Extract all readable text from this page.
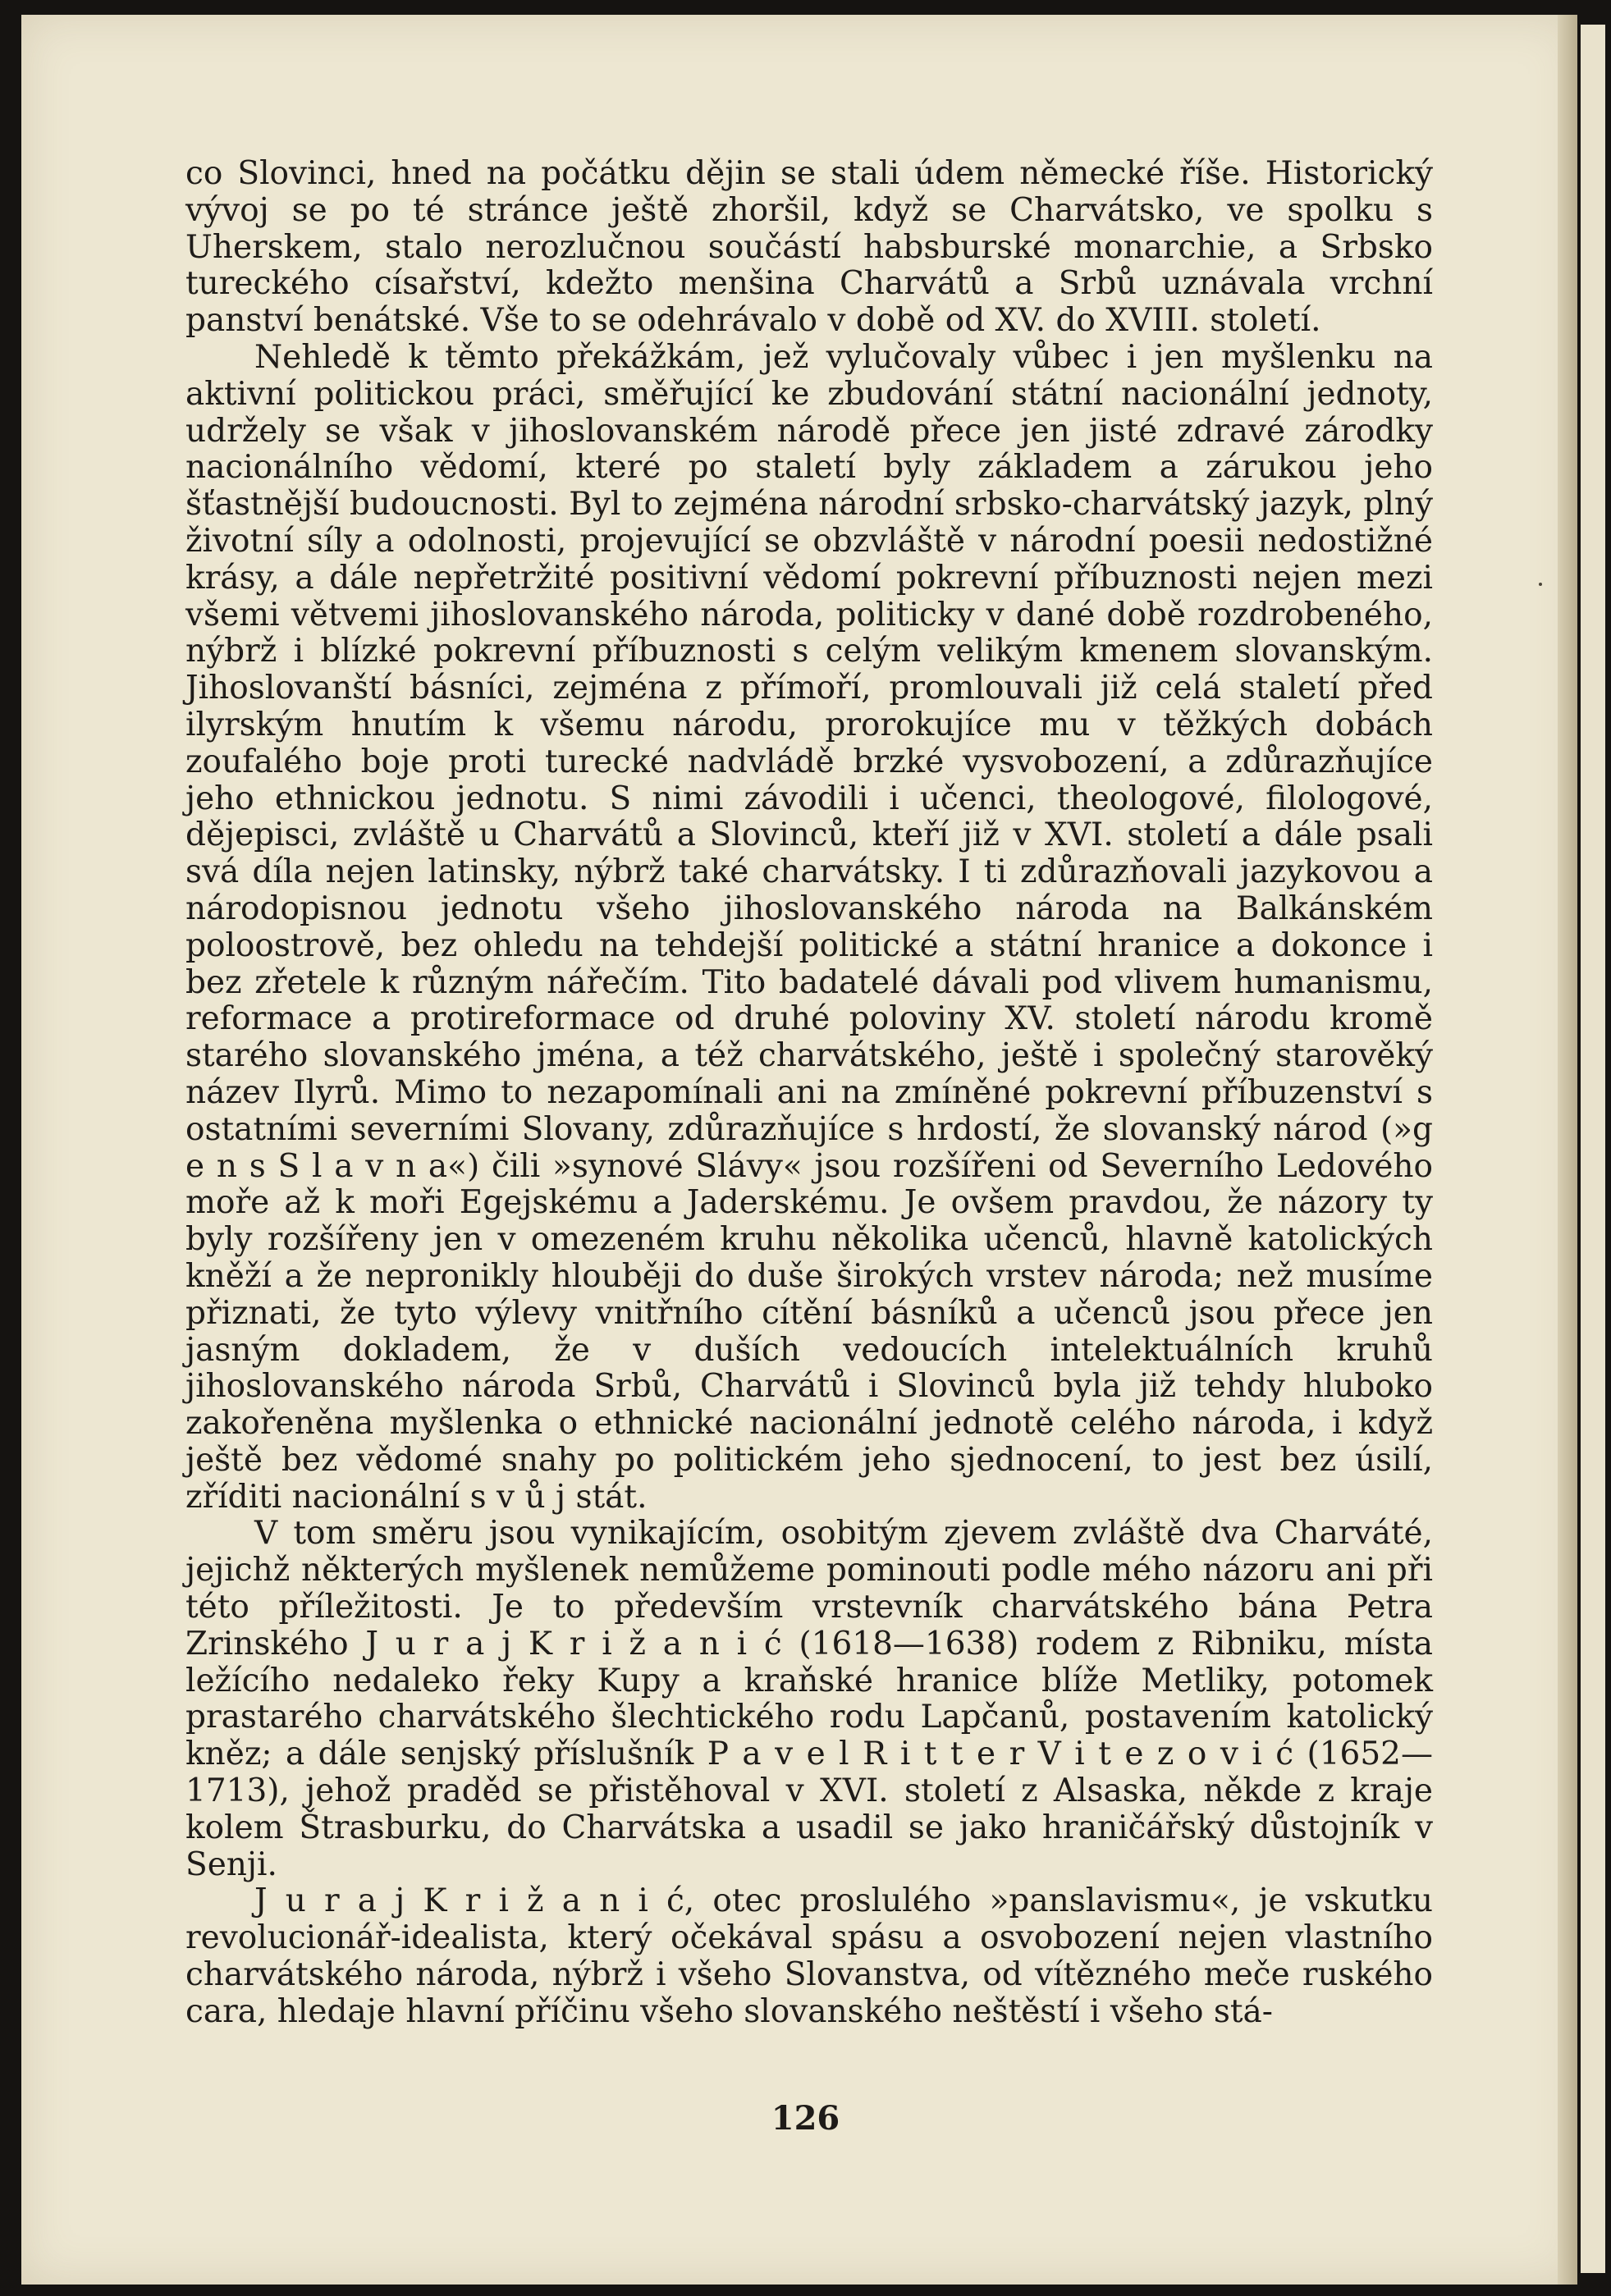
co Slovinci, hned na počátku dějin se stali údem německé říše. Historický vývoj se po té stránce ještě zhoršil, když se Charvátsko, ve spolku s Uherskem, stalo nerozlučnou součástí habsburské monarchie, a Srbsko tureckého císařství, kdežto menšina Charvátů a Srbů uznávala vrchní panství benátské. Vše to se odehrávalo v době od XV. do XVIII. století.

Nehledě k těmto překážkám, jež vylučovaly vůbec i jen myšlenku na aktivní politickou práci, směřující ke zbudování státní nacionální jednoty, udržely se však v jihoslovanském národě přece jen jisté zdravé zárodky nacionálního vědomí, které po staletí byly základem a zárukou jeho šťastnější budoucnosti. Byl to zejména národní srbsko-charvátský jazyk, plný životní síly a odolnosti, projevující se obzvláště v národní poesii nedostižné krásy, a dále nepřetržité positivní vědomí pokrevní příbuznosti nejen mezi všemi větvemi jihoslovanského národa, politicky v dané době rozdrobeného, nýbrž i blízké pokrevní příbuznosti s celým velikým kmenem slovanským. Jihoslovanští básníci, zejména z přímoří, promlouvali již celá staletí před ilyrským hnutím k všemu národu, prorokujíce mu v těžkých dobách zoufalého boje proti turecké nadvládě brzké vysvobození, a zdůrazňujíce jeho ethnickou jednotu. S nimi závodili i učenci, theologové, filologové, dějepisci, zvláště u Charvátů a Slovinců, kteří již v XVI. století a dále psali svá díla nejen latinsky, nýbrž také charvátsky. I ti zdůrazňovali jazykovou a národopisnou jednotu všeho jihoslovanského národa na Balkánském poloostrově, bez ohledu na tehdejší politické a státní hranice a dokonce i bez zřetele k různým nářečím. Tito badatelé dávali pod vlivem humanismu, reformace a protireformace od druhé poloviny XV. století národu kromě starého slovanského jména, a též charvátského, ještě i společný starověký název Ilyrů. Mimo to nezapomínali ani na zmíněné pokrevní příbuzenství s ostatními severními Slovany, zdůrazňujíce s hrdostí, že slovanský národ (»g e n s S l a v n a«) čili »synové Slávy« jsou rozšířeni od Severního Ledového moře až k moři Egejskému a Jaderskému. Je ovšem pravdou, že názory ty byly rozšířeny jen v omezeném kruhu několika učenců, hlavně katolických kněží a že nepronikly hlouběji do duše širokých vrstev národa; než musíme přiznati, že tyto výlevy vnitřního cítění básníků a učenců jsou přece jen jasným dokladem, že v duších vedoucích intelektuálních kruhů jihoslovanského národa Srbů, Charvátů i Slovinců byla již tehdy hluboko zakořeněna myšlenka o ethnické nacionální jednotě celého národa, i když ještě bez vědomé snahy po politickém jeho sjednocení, to jest bez úsilí, zříditi nacionální s v ů j stát.

V tom směru jsou vynikajícím, osobitým zjevem zvláště dva Charváté, jejichž některých myšlenek nemůžeme pominouti podle mého názoru ani při této příležitosti. Je to především vrstevník charvátského bána Petra Zrinského J u r a j K r i ž a n i ć (1618—1638) rodem z Ribniku, místa ležícího nedaleko řeky Kupy a kraňské hranice blíže Metliky, potomek prastarého charvátského šlechtického rodu Lapčanů, postavením katolický kněz; a dále senjský příslušník P a v e l R i t t e r V i t e z o v i ć (1652—1713), jehož praděd se přistěhoval v XVI. století z Alsaska, někde z kraje kolem Štrasburku, do Charvátska a usadil se jako hraničářský důstojník v Senji.

J u r a j K r i ž a n i ć, otec proslulého »panslavismu«, je vskutku revolucionář-idealista, který očekával spásu a osvobození nejen vlastního charvátského národa, nýbrž i všeho Slovanstva, od vítězného meče ruského cara, hledaje hlavní příčinu všeho slovanského neštěstí i všeho stá-

126
